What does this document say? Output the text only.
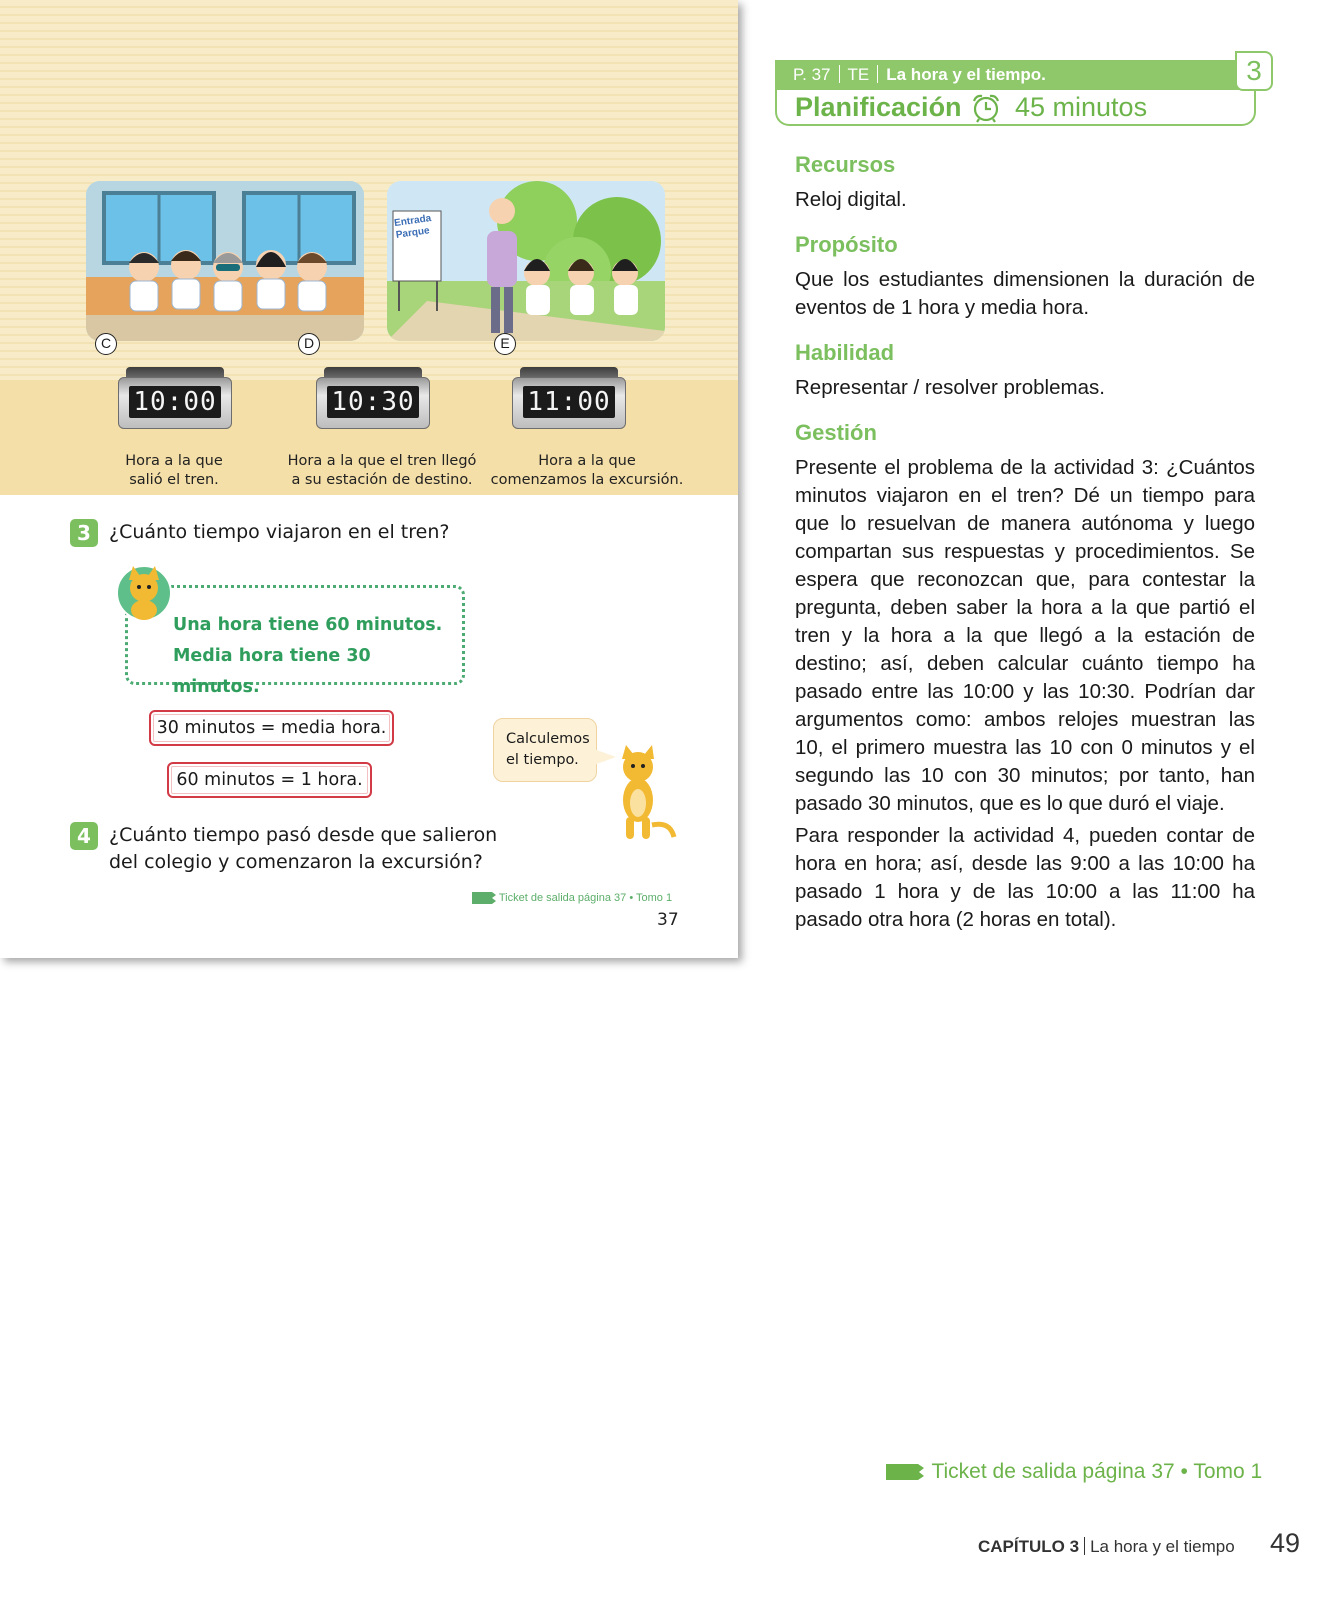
Entrada Parque
C	D	E
10:00	10:30	11:00
Hora a la que
salió el tren.
Hora a la que el tren llegó
a su estación de destino.
Hora a la que
comenzamos la excursión.
3 ¿Cuánto tiempo viajaron en el tren?
Una hora tiene 60 minutos.
Media hora tiene 30 minutos.
30 minutos = media hora.
60 minutos = 1 hora.
Calculemos
el tiempo.
4 ¿Cuánto tiempo pasó desde que salieron
del colegio y comenzaron la excursión?
Ticket de salida página 37 • Tomo 1
37
P. 37 TE La hora y el tiempo.	3
Planificación 45 minutos
Recursos
Reloj digital.
Propósito
Que los estudiantes dimensionen la duración de eventos de 1 hora y media hora.
Habilidad
Representar / resolver problemas.
Gestión
Presente el problema de la actividad 3: ¿Cuántos minutos viajaron en el tren? Dé un tiempo para que lo resuelvan de manera autónoma y luego compartan sus respuestas y procedimientos. Se espera que reconozcan que, para contestar la pregunta, deben saber la hora a la que partió el tren y la hora a la que llegó a la estación de destino; así, deben calcular cuánto tiempo ha pasado entre las 10:00 y las 10:30. Podrían dar argumentos como: ambos relojes muestran las 10, el primero muestra las 10 con 0 minutos y el segundo las 10 con 30 minutos; por tanto, han pasado 30 minutos, que es lo que duró el viaje.
Para responder la actividad 4, pueden contar de hora en hora; así, desde las 9:00 a las 10:00 ha pasado 1 hora y de las 10:00 a las 11:00 ha pasado otra hora (2 horas en total).
Ticket de salida página 37 • Tomo 1
CAPÍTULO 3 La hora y el tiempo 49
